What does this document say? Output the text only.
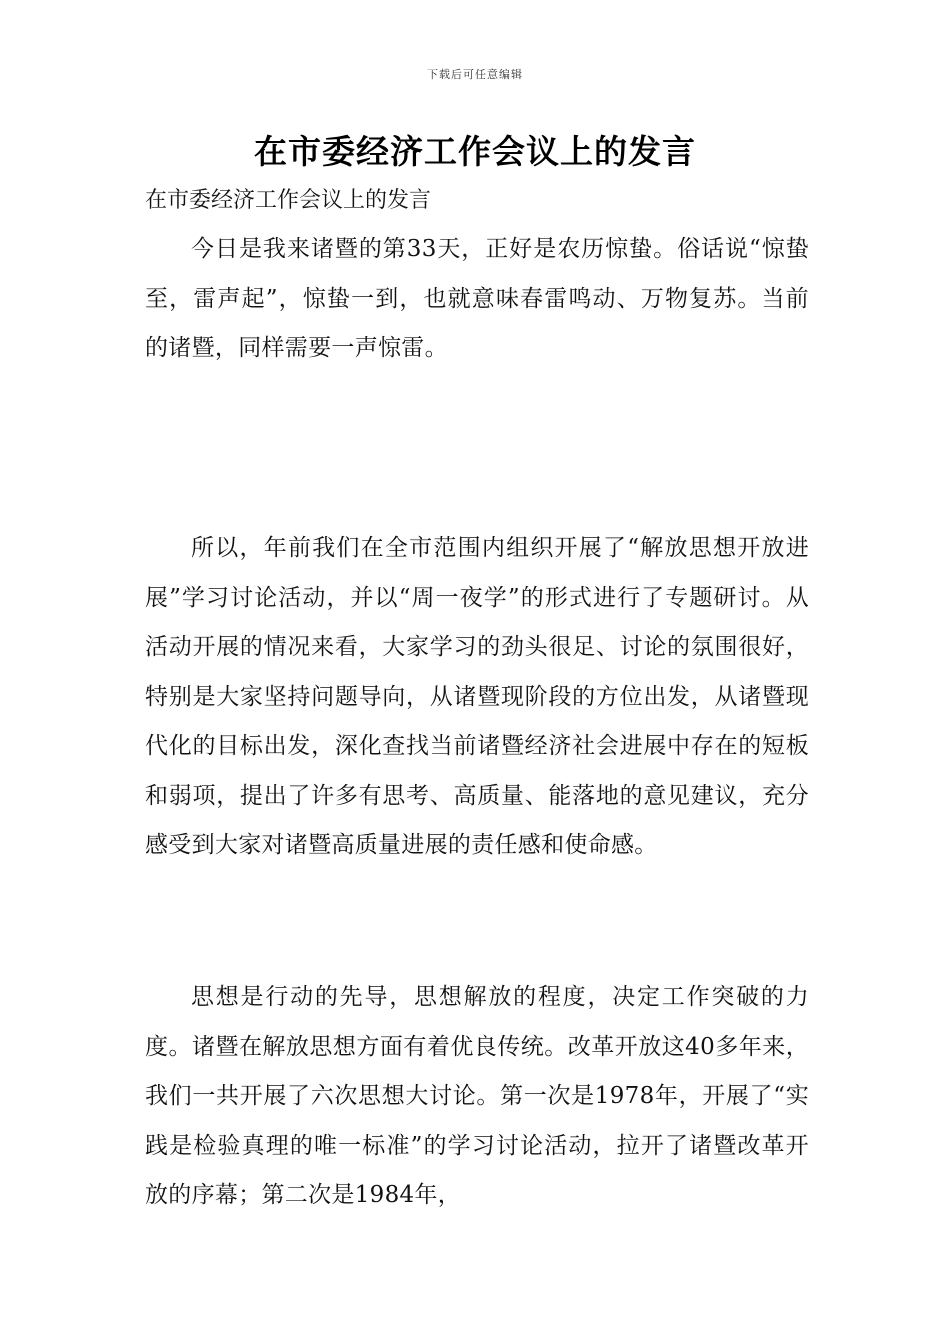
下载后可任意编辑
在市委经济工作会议上的发言

在市委经济工作会议上的发言

今日是我来诸暨的第33天，正好是农历惊蛰。俗话说“惊蛰至，雷声起”，惊蛰一到，也就意味春雷鸣动、万物复苏。当前的诸暨，同样需要一声惊雷。

所以，年前我们在全市范围内组织开展了“解放思想开放进展”学习讨论活动，并以“周一夜学”的形式进行了专题研讨。从活动开展的情况来看，大家学习的劲头很足、讨论的氛围很好，特别是大家坚持问题导向，从诸暨现阶段的方位出发，从诸暨现代化的目标出发，深化查找当前诸暨经济社会进展中存在的短板和弱项，提出了许多有思考、高质量、能落地的意见建议，充分感受到大家对诸暨高质量进展的责任感和使命感。

思想是行动的先导，思想解放的程度，决定工作突破的力度。诸暨在解放思想方面有着优良传统。改革开放这40多年来，我们一共开展了六次思想大讨论。第一次是1978年，开展了“实践是检验真理的唯一标准”的学习讨论活动，拉开了诸暨改革开放的序幕；第二次是1984年，
